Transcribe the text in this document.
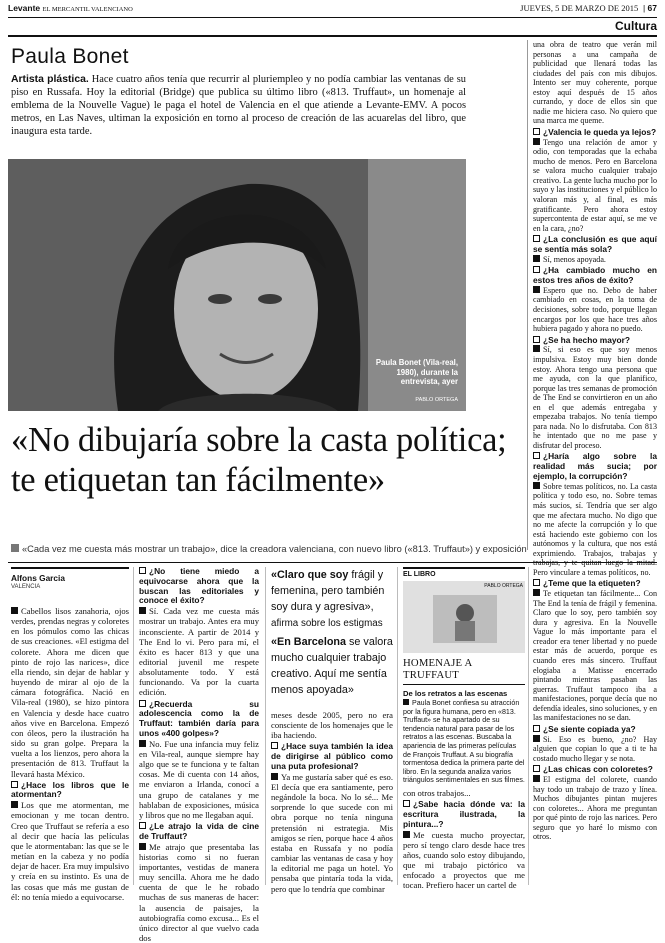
Levante EL MERCANTIL VALENCIANO	JUEVES, 5 DE MARZO DE 2015  | 67
Cultura
Paula Bonet
Artista plástica. Hace cuatro años tenía que recurrir al pluriempleo y no podía cambiar las ventanas de su piso en Russafa. Hoy la editorial (Bridge) que publica su último libro («813. Truffaut», un homenaje al emblema de la Nouvelle Vague) le paga el hotel de Valencia en el que atiende a Levante-EMV. A pocos metros, en Las Naves, ultiman la exposición en torno al proceso de creación de las acuarelas del libro, que inaugura esta tarde.
Paula Bonet (Vila-real, 1980), durante la entrevista, ayer
PABLO ORTEGA
«No dibujaría sobre la casta política;
te etiquetan tan fácilmente»
«Cada vez me cuesta más mostrar un trabajo», dice la creadora valenciana, con nuevo libro («813. Truffaut») y exposición
Alfons Garcia
VALENCIA

Cabellos lisos zanahoria, ojos verdes, prendas negras y coloretes en los pómulos como las chicas de sus creaciones. «El estigma del colorete. Ahora me dicen que pinto de rojo las narices», dice ella riendo, sin dejar de hablar y huyendo de mirar al ojo de la cámara fotográfica. Nació en Vila-real (1980), se hizo pintora en Valencia y desde hace cuatro años vive en Barcelona. Empezó con óleos, pero la ilustración ha sido su gran golpe. Prepara la vuelta a los lienzos, pero ahora la presentación de 813. Truffaut la llevará hasta México.

¿Hace los libros que le atormentan?

Los que me atormentan, me emocionan y me tocan dentro. Creo que Truffaut se refería a eso al decir que hacía las películas que le atormentaban: las que se le metían en la cabeza y no podía dejar de hacer. Era muy impulsivo y creía en su instinto. Es una de las cosas que más me gustan de él: no tenía miedo a equivocarse.

¿No tiene miedo a equivocarse ahora que la buscan las editoriales y conoce el éxito?

Sí. Cada vez me cuesta más mostrar un trabajo. Antes era muy inconsciente. A partir de 2014 y The End lo vi. Pero para mí, el éxito es hacer 813 y que una editorial juvenil me respete absolutamente todo. Y está funcionando. Va por la cuarta edición.

¿Recuerda su adolescencia como la de Truffaut: también daría para unos «400 golpes»?

No. Fue una infancia muy feliz en Vila-real, aunque siempre hay algo que se te funciona y te faltan cosas. Me di cuenta con 14 años, me enviaron a Irlanda, conocí a una grupo de catalanes y me hablaban de exposiciones, música y libros que no me llegaban aquí.

¿Le atrajo la vida de cine de Truffaut?

Me atrajo que presentaba las historias como si no fueran importantes, vestidas de manera muy sencilla. Ahora me he dado cuenta de que le he robado muchas de sus maneras de hacer: la ausencia de paisajes, la autobiografía como excusa... Es el único director al que vuelvo cada dos

«Claro que soy frágil y femenina, pero también soy dura y agresiva», afirma sobre los estigmas
«En Barcelona se valora mucho cualquier trabajo creativo. Aquí me sentía menos apoyada»

meses desde 2005, pero no era consciente de los homenajes que le iba haciendo.

¿Hace suya también la idea de dirigirse al público como una puta profesional?

Ya me gustaría saber qué es eso. El decía que era santiamente, pero negándole la boca. No lo sé... Me sorprende lo que sucede con mi obra porque no tenía ninguna pretensión ni estrategia. Mis amigos se ríen, porque hace 4 años estaba en Russafa y no podía cambiar las ventanas de casa y hoy la editorial me paga un hotel. Yo pensaba que pintaría toda la vida, pero que lo tendría que combinar

EL LIBRO
PABLO ORTEGA
HOMENAJE A TRUFFAUT
De los retratos a las escenas
Paula Bonet confiesa su atracción por la figura humana, pero en «813. Truffaut» se ha apartado de su tendencia natural para pasar de los retratos a las escenas. Buscaba la apariencia de las primeras películas de François Truffaut. A su biografía tormentosa dedica la primera parte del libro. En la segunda analiza varios triángulos sentimentales en sus filmes.

con otros trabajos...

¿Sabe hacia dónde va: la escritura ilustrada, la pintura...?

Me cuesta mucho proyectar, pero sí tengo claro desde hace tres años, cuando solo estoy dibujando, que mi trabajo pictórico va enfocado a proyectos que me tocan. Prefiero hacer un cartel de

una obra de teatro que verán mil personas a una campaña de publicidad que llenará todas las ciudades del país con mis dibujos. Intento ser muy coherente, porque estoy aquí después de 15 años currando, y doce de ellos sin que nadie me hiciera caso. No quiero que una marca me queme.

¿Valencia le queda ya lejos?

Tengo una relación de amor y odio, con temporadas que la echaba mucho de menos. Pero en Barcelona se valora mucho cualquier trabajo creativo. La gente lucha mucho por lo suyo y las instituciones y el público lo valoran más y, al final, es más gratificante. Pero ahora estoy supercontenta de estar aquí, se me ve en la cara, ¿no?

¿La conclusión es que aquí se sentía más sola?

Sí, menos apoyada.

¿Ha cambiado mucho en estos tres años de éxito?

Espero que no. Debo de haber cambiado en cosas, en la toma de decisiones, sobre todo, porque llegan encargos por los que hace tres años hubiera pagado y ahora no puedo.

¿Se ha hecho mayor?

Sí, si eso es que soy menos impulsiva. Estoy muy bien donde estoy. Ahora tengo una persona que me ayuda, con la que planifico, porque las tres semanas de promoción de The End se convirtieron en un año en el que además entregaba y empezaba trabajos. No tenía tiempo para nada. No lo disfrutaba. Con 813 he intentado que no me pase y disfrutar del proceso.

¿Haría algo sobre la realidad más sucia; por ejemplo, la corrupción?

Sobre temas políticos, no. La casta política y todo eso, no. Sobre temas más sucios, sí. Tendría que ser algo que me afectara mucho. No digo que no me afecte la corrupción y lo que está haciendo este gobierno con los autónomos y la cultura, que nos está exprimiendo. Trabajos, trabajas y trabajas, y te quitan luego la mitad. Pero vinculare a temas políticos, no.

¿Teme que la etiqueten?

Te etiquetan tan fácilmente... Con The End la tenía de frágil y femenina. Claro que lo soy, pero también soy dura y agresiva. En la Nouvelle Vague lo más importante para el creador era tener libertad y no puede estar más de acuerdo, porque es cuando eres más sincero. Truffaut elogiaba a Matisse encerrado pintando mientras pasaban las guerras. Truffaut tampoco iba a manifestaciones, porque decía que no defendía ideales, sino soluciones, y en las manifestaciones no se dan.

¿Se siente copiada ya?

Si. Eso es bueno, ¿no? Hay alguien que copian lo que a ti te ha costado mucho llegar y se nota.

¿Las chicas con coloretes?

El estigma del colorete, cuando hay todo un trabajo de trazo y línea. Muchos dibujantes pintan mujeres con coloretes... Ahora me preguntan por qué pinto de rojo las narices. Pero seguro que yo haré lo mismo con otros.
